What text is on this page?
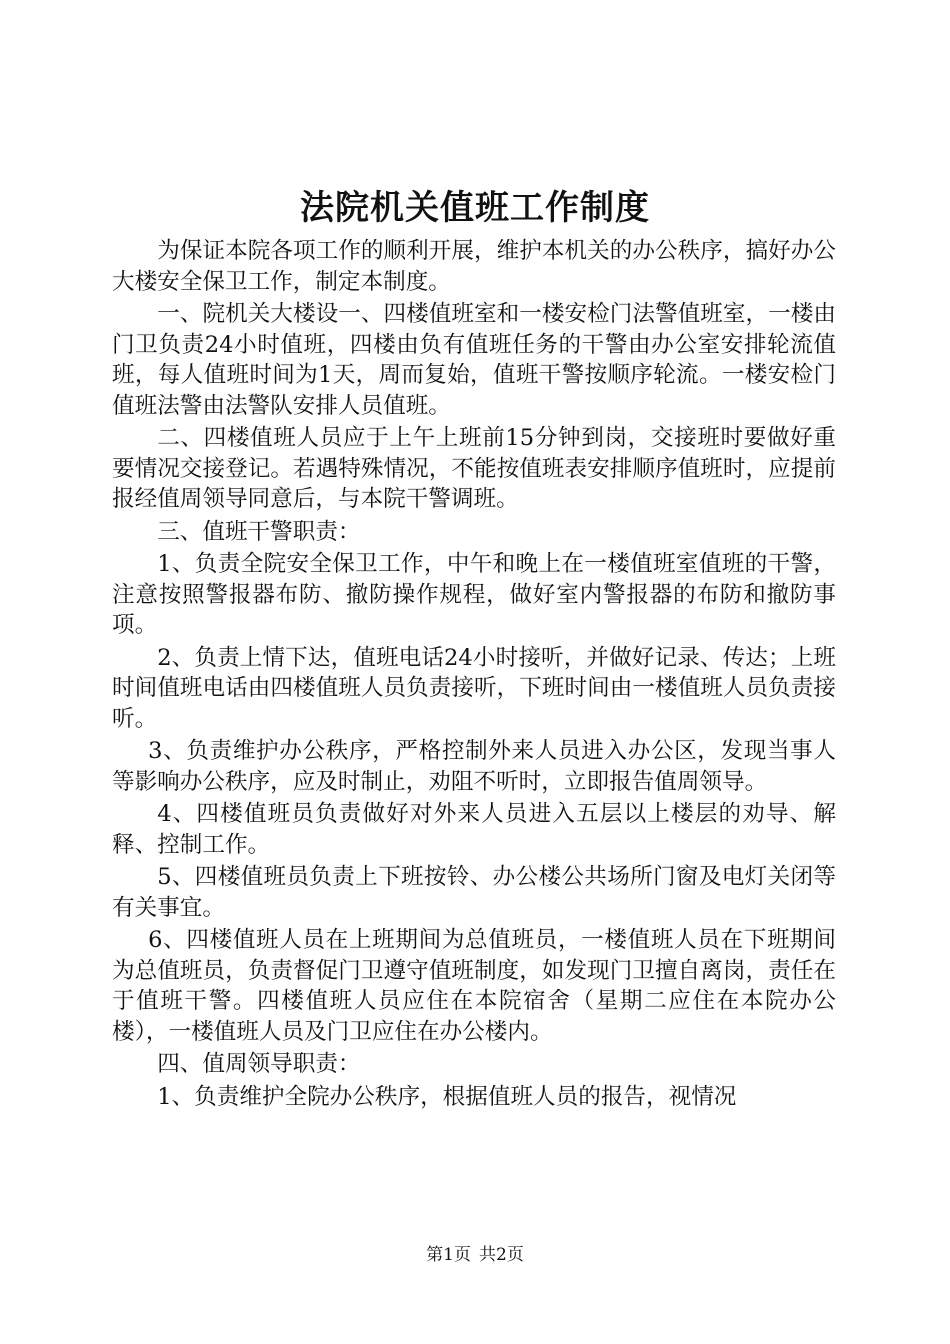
法院机关值班工作制度

为保证本院各项工作的顺利开展，维护本机关的办公秩序，搞好办公大楼安全保卫工作，制定本制度。

一、院机关大楼设一、四楼值班室和一楼安检门法警值班室，一楼由门卫负责24小时值班，四楼由负有值班任务的干警由办公室安排轮流值班，每人值班时间为1天，周而复始，值班干警按顺序轮流。一楼安检门值班法警由法警队安排人员值班。

二、四楼值班人员应于上午上班前15分钟到岗，交接班时要做好重要情况交接登记。若遇特殊情况，不能按值班表安排顺序值班时，应提前报经值周领导同意后，与本院干警调班。

三、值班干警职责：

1、负责全院安全保卫工作，中午和晚上在一楼值班室值班的干警，注意按照警报器布防、撤防操作规程，做好室内警报器的布防和撤防事项。

2、负责上情下达，值班电话24小时接听，并做好记录、传达；上班时间值班电话由四楼值班人员负责接听，下班时间由一楼值班人员负责接听。

3、负责维护办公秩序，严格控制外来人员进入办公区，发现当事人等影响办公秩序，应及时制止，劝阻不听时，立即报告值周领导。

4、四楼值班员负责做好对外来人员进入五层以上楼层的劝导、解释、控制工作。

5、四楼值班员负责上下班按铃、办公楼公共场所门窗及电灯关闭等有关事宜。

6、四楼值班人员在上班期间为总值班员，一楼值班人员在下班期间为总值班员，负责督促门卫遵守值班制度，如发现门卫擅自离岗，责任在于值班干警。四楼值班人员应住在本院宿舍（星期二应住在本院办公楼），一楼值班人员及门卫应住在办公楼内。

四、值周领导职责：

1、负责维护全院办公秩序，根据值班人员的报告，视情况

第1页 共2页
